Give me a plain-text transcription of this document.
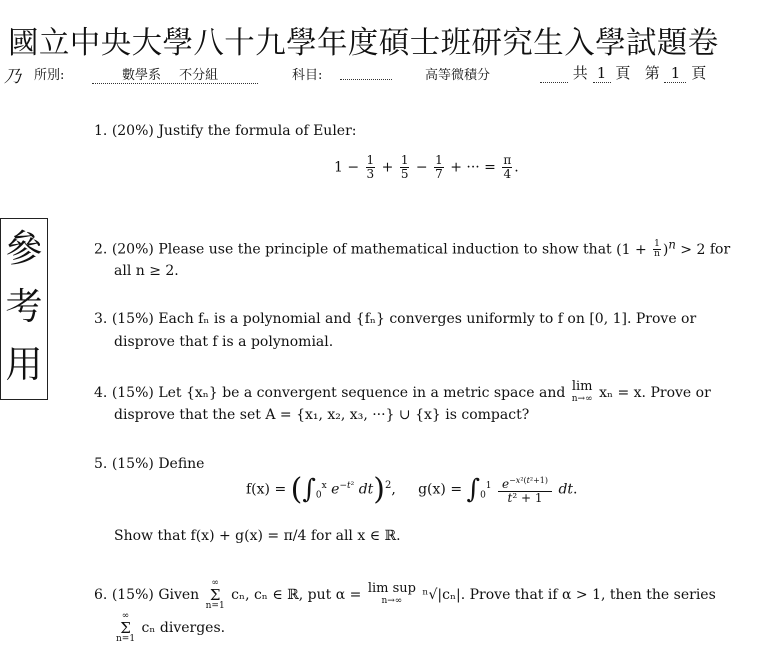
國立中央大學八十九學年度碩士班研究生入學試題卷
乃 所別:	數學系 不分組	科目:
	高等微積分	共 1 頁 第 1 頁
參
考
用
1. (20%) Justify the formula of Euler:
$1 - \frac{1}{3} + \frac{1}{5} - \frac{1}{7}$ + ··· = $\frac{\pi}{4}$ .
2. (20%) Please use the principle of mathematical induction to show that $(1 + \frac{1}{n} )^n > 2$ for
all n ≥ 2.
3. (15%) Each fₙ is a polynomial and {fₙ} converges uniformly to f on [0, 1]. Prove or
disprove that f is a polynomial.
4. (15%) Let {xₙ} be a convergent sequence in a metric space and lim
n→∞ xₙ = x. Prove or
disprove that the set A = {x₁, x₂, x₃, ···} ∪ {x} is compact?
5. (15%) Define
$f(x) = (\int_0^x$ $e^{-t^2}$ dt)$^2$,     $g(x) = \int_0^1 \frac{e^{-x^2(t^2+1)}}{\text{t² + 1}}$ dt.
Show that f(x) + g(x) = π/4 for all x ∈ ℝ.
6. (15%) Given
∞
Σ
n=1
cₙ, cₙ ∈ ℝ, put α = lim sup
n→∞	ⁿ√|cₙ|. Prove that if α > 1, then the series
∞
Σ
n=1
cₙ diverges.
